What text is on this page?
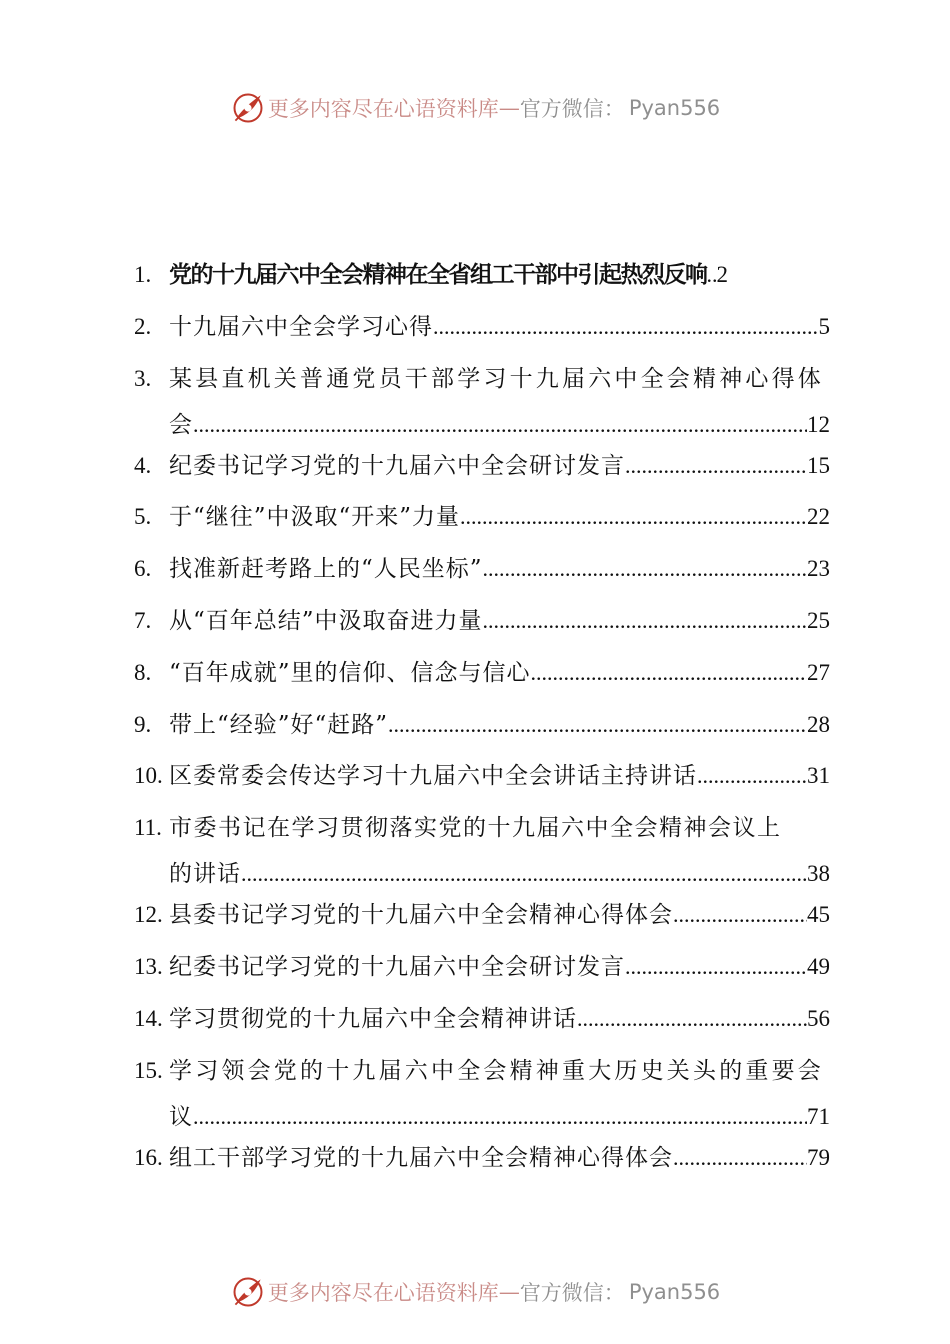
更多内容尽在心语资料库 — 官方微信： Pyan556
1. 党的十九届六中全会精神在全省组工干部中引起热烈反响 ..... 2
2. 十九届六中全会学习心得 .....	5
3. 某县直机关普通党员干部学习十九届六中全会精神心得体
会 .....	12
4. 纪委书记学习党的十九届六中全会研讨发言 .....	15
5. 于“继往”中汲取“开来”力量 .....	22
6. 找准新赶考路上的“人民坐标” .....	23
7. 从“百年总结”中汲取奋进力量 .....	25
8. “百年成就”里的信仰、信念与信心 .....	27
9. 带上“经验”好“赶路” .....	28
10. 区委常委会传达学习十九届六中全会讲话主持讲话 .....	31
11. 市委书记在学习贯彻落实党的十九届六中全会精神会议上
的讲话 .....	38
12. 县委书记学习党的十九届六中全会精神心得体会 .....	45
13. 纪委书记学习党的十九届六中全会研讨发言 .....	49
14. 学习贯彻党的十九届六中全会精神讲话 .....	56
15. 学习领会党的十九届六中全会精神重大历史关头的重要会
议 .....	71
16. 组工干部学习党的十九届六中全会精神心得体会 .....	79
更多内容尽在心语资料库 — 官方微信： Pyan556
